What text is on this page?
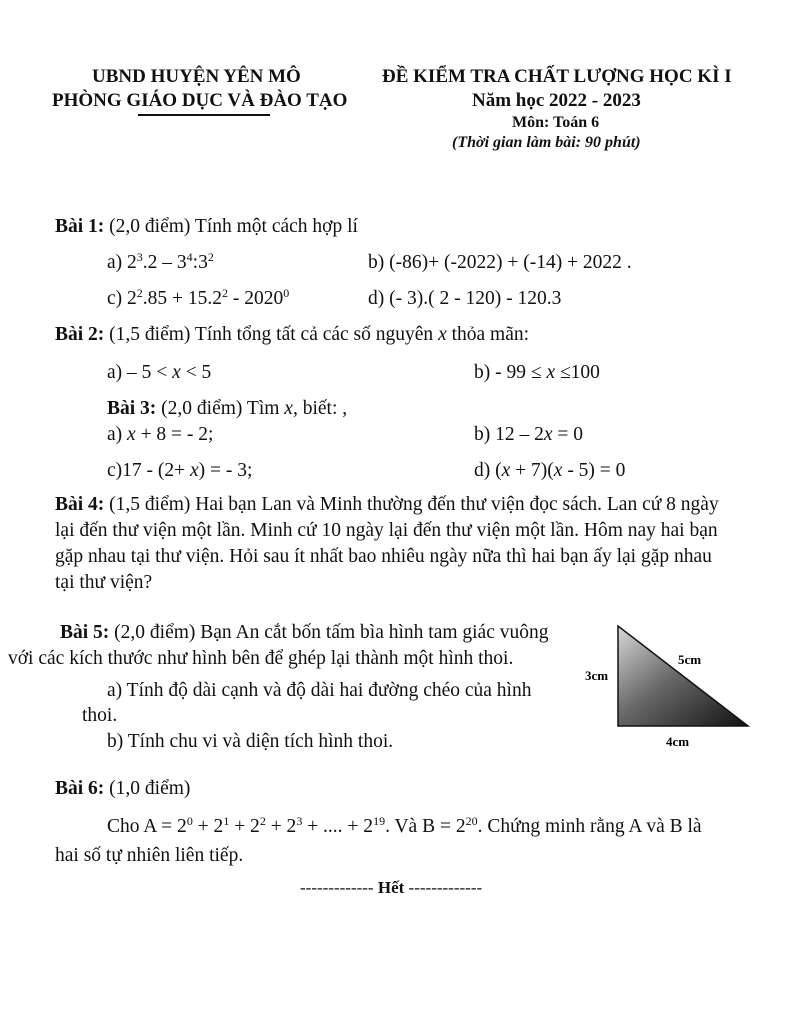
UBND HUYỆN YÊN MÔ
PHÒNG GIÁO DỤC VÀ ĐÀO TẠO
ĐỀ KIỂM TRA CHẤT LƯỢNG HỌC KÌ I
Năm học 2022 - 2023
Môn: Toán 6
(Thời gian làm bài: 90 phút)
Bài 1: (2,0 điểm) Tính một cách hợp lí
a) $2^3.2$ – $3^4:3^2$	b) (-86)+ (-2022) + (-14) + 2022 .
c) $2^2.85 + 15.2^2 - 2020^0$	d) (- 3).( 2 - 120) - 120.3
Bài 2: (1,5 điểm) Tính tổng tất cả các số nguyên x thỏa mãn:
a) – 5 < x < 5	b) - 99 ≤ x ≤100
Bài 3: (2,0 điểm) Tìm x, biết: ,
a) x + 8 = - 2;	b) 12 – 2x = 0
c)17 - (2+ x) = - 3;	d) (x + 7)(x - 5) = 0
Bài 4: (1,5 điểm) Hai bạn Lan và Minh thường đến thư viện đọc sách. Lan cứ 8 ngày
lại đến thư viện một lần. Minh cứ 10 ngày lại đến thư viện một lần. Hôm nay hai bạn
gặp nhau tại thư viện. Hỏi sau ít nhất bao nhiêu ngày nữa thì hai bạn ấy lại gặp nhau
tại thư viện?
Bài 5: (2,0 điểm) Bạn An cắt bốn tấm bìa hình tam giác vuông
với các kích thước như hình bên để ghép lại thành một hình thoi.
a) Tính độ dài cạnh và độ dài hai đường chéo của hình
thoi.
b) Tính chu vi và diện tích hình thoi.
3cm
5cm
4cm
Bài 6: (1,0 điểm)
Cho $A = 2^0 + 2^1 + 2^2 + 2^3$ + .... + $2^{19}$. Và $B = 2^{20}$. Chứng minh rằng A và B là
hai số tự nhiên liên tiếp.
------------- Hết -------------
